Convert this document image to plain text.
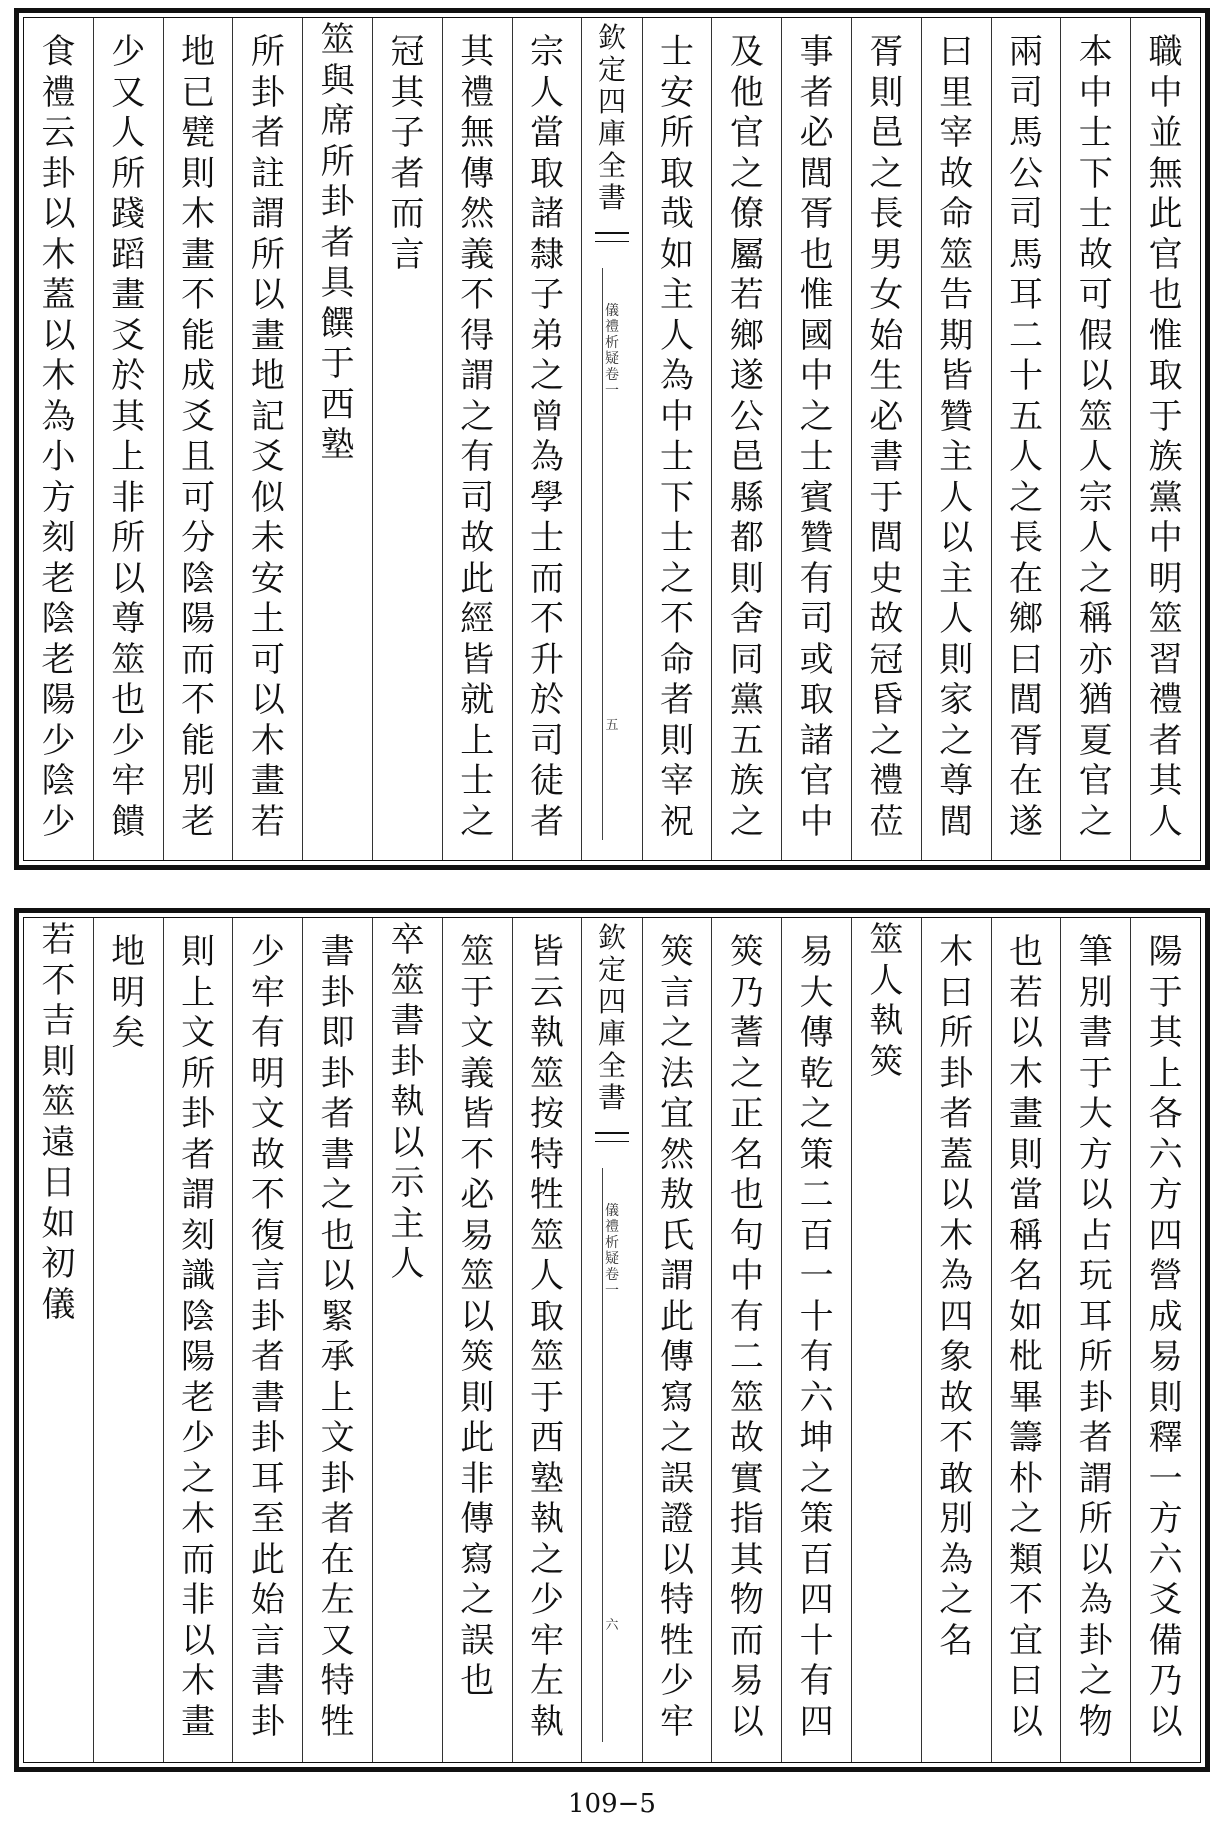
職中並無此官也惟取于族黨中明筮習禮者其人
本中士下士故可假以筮人宗人之稱亦猶夏官之
兩司馬公司馬耳二十五人之長在鄉曰閭胥在遂
曰里宰故命筮告期皆贊主人以主人則家之尊閭
胥則邑之長男女始生必書于閭史故冠昏之禮莅
事者必閭胥也惟國中之士賓贊有司或取諸官中
及他官之僚屬若鄉遂公邑縣都則舍同黨五族之
士安所取哉如主人為中士下士之不命者則宰祝
欽定四庫全書
儀禮析疑 卷一
五
宗人當取諸隸子弟之曾為學士而不升於司徒者
其禮無傳然義不得謂之有司故此經皆就上士之
冠其子者而言
筮與席所卦者具饌于西塾
所卦者註謂所以畫地記爻似未安土可以木畫若
地已甓則木畫不能成爻且可分陰陽而不能別老
少又人所踐蹈畫爻於其上非所以尊筮也少牢饋
食禮云卦以木蓋以木為小方刻老陰老陽少陰少
陽于其上各六方四營成易則釋一方六爻備乃以
筆別書于大方以占玩耳所卦者謂所以為卦之物
也若以木畫則當稱名如枇畢籌朴之類不宜曰以
木曰所卦者蓋以木為四象故不敢別為之名
筮人執筴
易大傳乾之策二百一十有六坤之策百四十有四
筴乃蓍之正名也句中有二筮故實指其物而易以
筴言之法宜然敖氏謂此傳寫之誤證以特牲少牢
欽定四庫全書
儀禮析疑 卷一
六
皆云執筮按特牲筮人取筮于西塾執之少牢左執
筮于文義皆不必易筮以筴則此非傳寫之誤也
卒筮書卦執以示主人
書卦即卦者書之也以緊承上文卦者在左又特牲
少牢有明文故不復言卦者書卦耳至此始言書卦
則上文所卦者謂刻識陰陽老少之木而非以木畫
地明矣
若不吉則筮遠日如初儀
109−5
